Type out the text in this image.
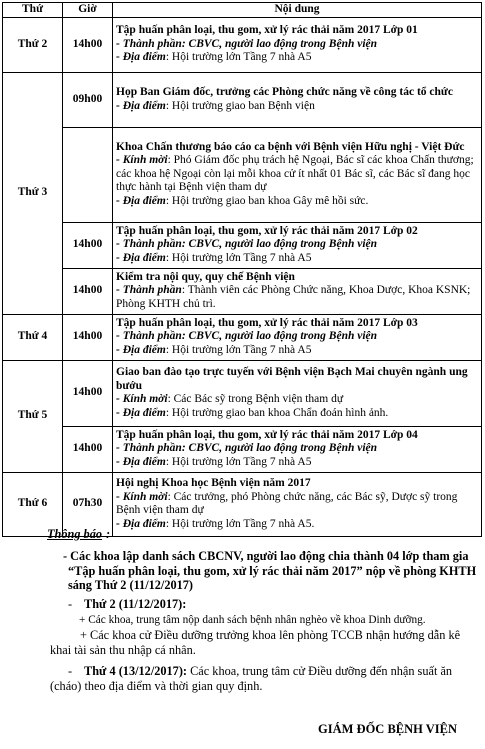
Thứ	Giờ	Nội dung
Thứ 2	14h00	Tập huấn phân loại, thu gom, xử lý rác thải năm 2017 Lớp 01
- Thành phần: CBVC, người lao động trong Bệnh viện
- Địa điểm: Hội trường lớn Tầng 7 nhà A5

Thứ 3	09h00	Họp Ban Giám đốc, trưởng các Phòng chức năng về công tác tổ chức
- Địa điểm: Hội trường giao ban Bệnh viện

		Khoa Chấn thương báo cáo ca bệnh với Bệnh viện Hữu nghị - Việt Đức
- Kính mời: Phó Giám đốc phụ trách hệ Ngoại, Bác sĩ các khoa Chấn thương; các khoa hệ Ngoại còn lại mỗi khoa cử ít nhất 01 Bác sĩ, các Bác sĩ đang học thực hành tại Bệnh viện tham dự
- Địa điểm: Hội trường giao ban khoa Gây mê hồi sức.

	14h00	Tập huấn phân loại, thu gom, xử lý rác thải năm 2017 Lớp 02
- Thành phần: CBVC, người lao động trong Bệnh viện
- Địa điểm: Hội trường lớn Tầng 7 nhà A5

	14h00	Kiểm tra nội quy, quy chế Bệnh viện
- Thành phần: Thành viên các Phòng Chức năng, Khoa Dược, Khoa KSNK; Phòng KHTH chủ trì.

Thứ 4	14h00	Tập huấn phân loại, thu gom, xử lý rác thải năm 2017 Lớp 03
- Thành phần: CBVC, người lao động trong Bệnh viện
- Địa điểm: Hội trường lớn Tầng 7 nhà A5

Thứ 5	14h00	Giao ban đào tạo trực tuyến với Bệnh viện Bạch Mai chuyên ngành ung bướu
- Kính mời: Các Bác sỹ trong Bệnh viện tham dự
- Địa điểm: Hội trường giao ban khoa Chẩn đoán hình ảnh.

	14h00	Tập huấn phân loại, thu gom, xử lý rác thải năm 2017 Lớp 04
- Thành phần: CBVC, người lao động trong Bệnh viện
- Địa điểm: Hội trường lớn Tầng 7 nhà A5

Thứ 6	07h30	Hội nghị Khoa học Bệnh viện năm 2017
- Kính mời: Các trưởng, phó Phòng chức năng, các Bác sỹ, Dược sỹ trong Bệnh viện tham dự
- Địa điểm: Hội trường lớn Tầng 7 nhà A5.
Thông báo :

- Các khoa lập danh sách CBCNV, người lao động chia thành 04 lớp tham gia “Tập huấn phân loại, thu gom, xử lý rác thải năm 2017” nộp về phòng KHTH sáng Thứ 2 (11/12/2017)

- Thứ 2 (11/12/2017):

+ Các khoa, trung tâm nộp danh sách bệnh nhân nghèo về khoa Dinh dưỡng.

+ Các khoa cử Điều dưỡng trưởng khoa lên phòng TCCB nhận hướng dẫn kê khai tài sản thu nhập cá nhân.

- Thứ 4 (13/12/2017): Các khoa, trung tâm cử Điều dưỡng đến nhận suất ăn (cháo) theo địa điểm và thời gian quy định.

GIÁM ĐỐC BỆNH VIỆN
